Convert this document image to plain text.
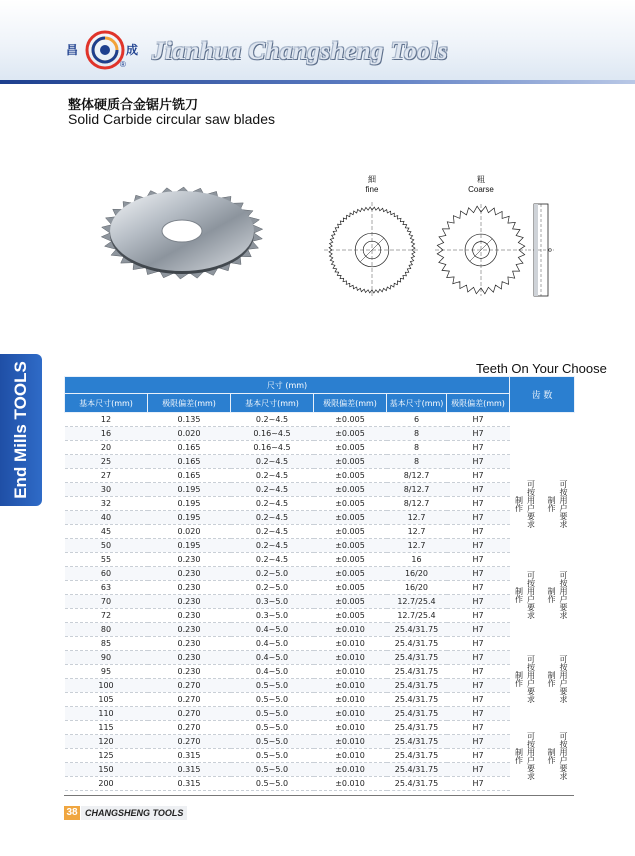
昌	成
® Jianhua Changsheng Tools
整体硬质合金锯片铣刀
Solid Carbide circular saw blades
細
fine
粗
Coarse
End Mills TOOLS	Teeth On Your Choose
尺寸 (mm)						齿 数	
基本尺寸(mm)	极限偏差(mm)	基本尺寸(mm)	极限偏差(mm)	基本尺寸(mm)	极限偏差(mm)		
12	0.135	0.2~4.5	±0.005	6	H7		
16	0.020	0.16~4.5	±0.005	8	H7		
20	0.165	0.16~4.5	±0.005	8	H7		
25	0.165	0.2~4.5	±0.005	8	H7	制作 可按用户要求	制作 可按用户要求

27	0.165	0.2~4.5	±0.005	8/12.7	H7		
30	0.195	0.2~4.5	±0.005	8/12.7	H7		
32	0.195	0.2~4.5	±0.005	8/12.7	H7		
40	0.195	0.2~4.5	±0.005	12.7	H7		
45	0.020	0.2~4.5	±0.005	12.7	H7		
50	0.195	0.2~4.5	±0.005	12.7	H7		
55	0.230	0.2~4.5	±0.005	16	H7	制作 可按用户要求	制作 可按用户要求

60	0.230	0.2~5.0	±0.005	16/20	H7		
63	0.230	0.2~5.0	±0.005	16/20	H7		
70	0.230	0.3~5.0	±0.005	12.7/25.4	H7		
72	0.230	0.3~5.0	±0.005	12.7/25.4	H7		
80	0.230	0.4~5.0	±0.010	25.4/31.75	H7		
85	0.230	0.4~5.0	±0.010	25.4/31.75	H7	制作 可按用户要求	制作 可按用户要求

90	0.230	0.4~5.0	±0.010	25.4/31.75	H7		
95	0.230	0.4~5.0	±0.010	25.4/31.75	H7		
100	0.270	0.5~5.0	±0.010	25.4/31.75	H7		
105	0.270	0.5~5.0	±0.010	25.4/31.75	H7		
110	0.270	0.5~5.0	±0.010	25.4/31.75	H7		
115	0.270	0.5~5.0	±0.010	25.4/31.75	H7	制作 可按用户要求	制作 可按用户要求

120	0.270	0.5~5.0	±0.010	25.4/31.75	H7		
125	0.315	0.5~5.0	±0.010	25.4/31.75	H7		
150	0.315	0.5~5.0	±0.010	25.4/31.75	H7		
200	0.315	0.5~5.0	±0.010	25.4/31.75	H7		
38 CHANGSHENG TOOLS
